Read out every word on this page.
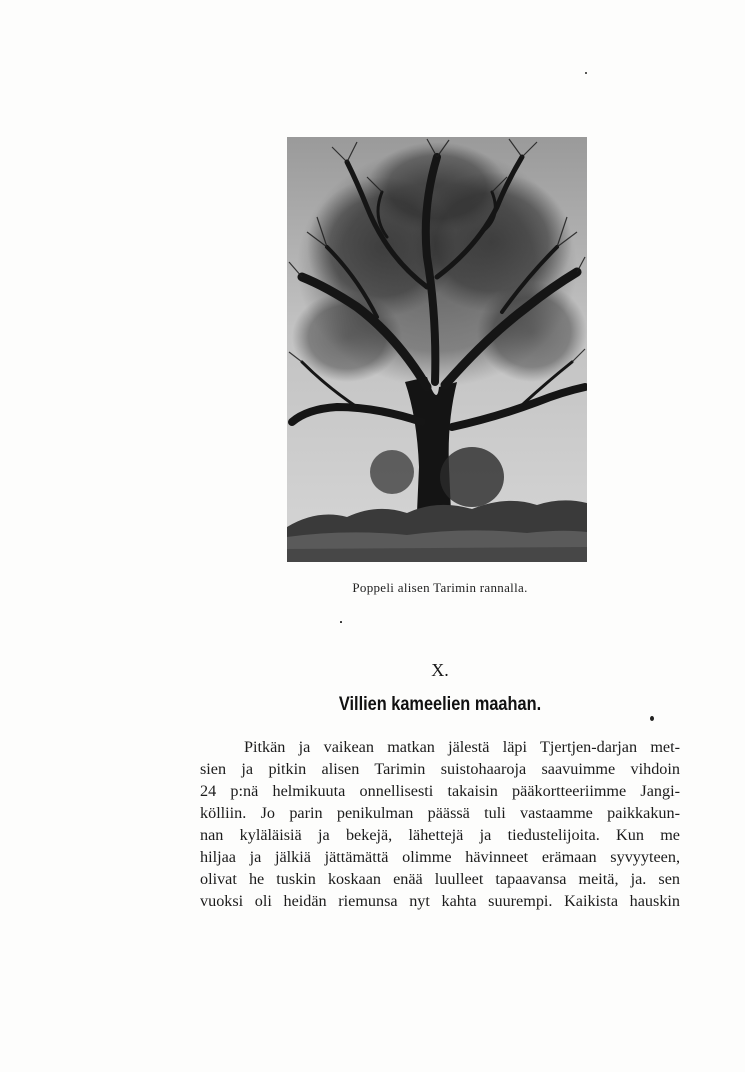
Poppeli alisen Tarimin rannalla.
X.
Villien kameelien maahan.
Pitkän ja vaikean matkan jälestä läpi Tjertjen-darjan met-
sien ja pitkin alisen Tarimin suistohaaroja saavuimme vihdoin
24 p:nä helmikuuta onnellisesti takaisin pääkortteeriimme Jangi-
kölliin. Jo parin penikulman päässä tuli vastaamme paikkakun-
nan kyläläisiä ja bekejä, lähettejä ja tiedustelijoita. Kun me
hiljaa ja jälkiä jättämättä olimme hävinneet erämaan syvyyteen,
olivat he tuskin koskaan enää luulleet tapaavansa meitä, ja. sen
vuoksi oli heidän riemunsa nyt kahta suurempi. Kaikista hauskin
